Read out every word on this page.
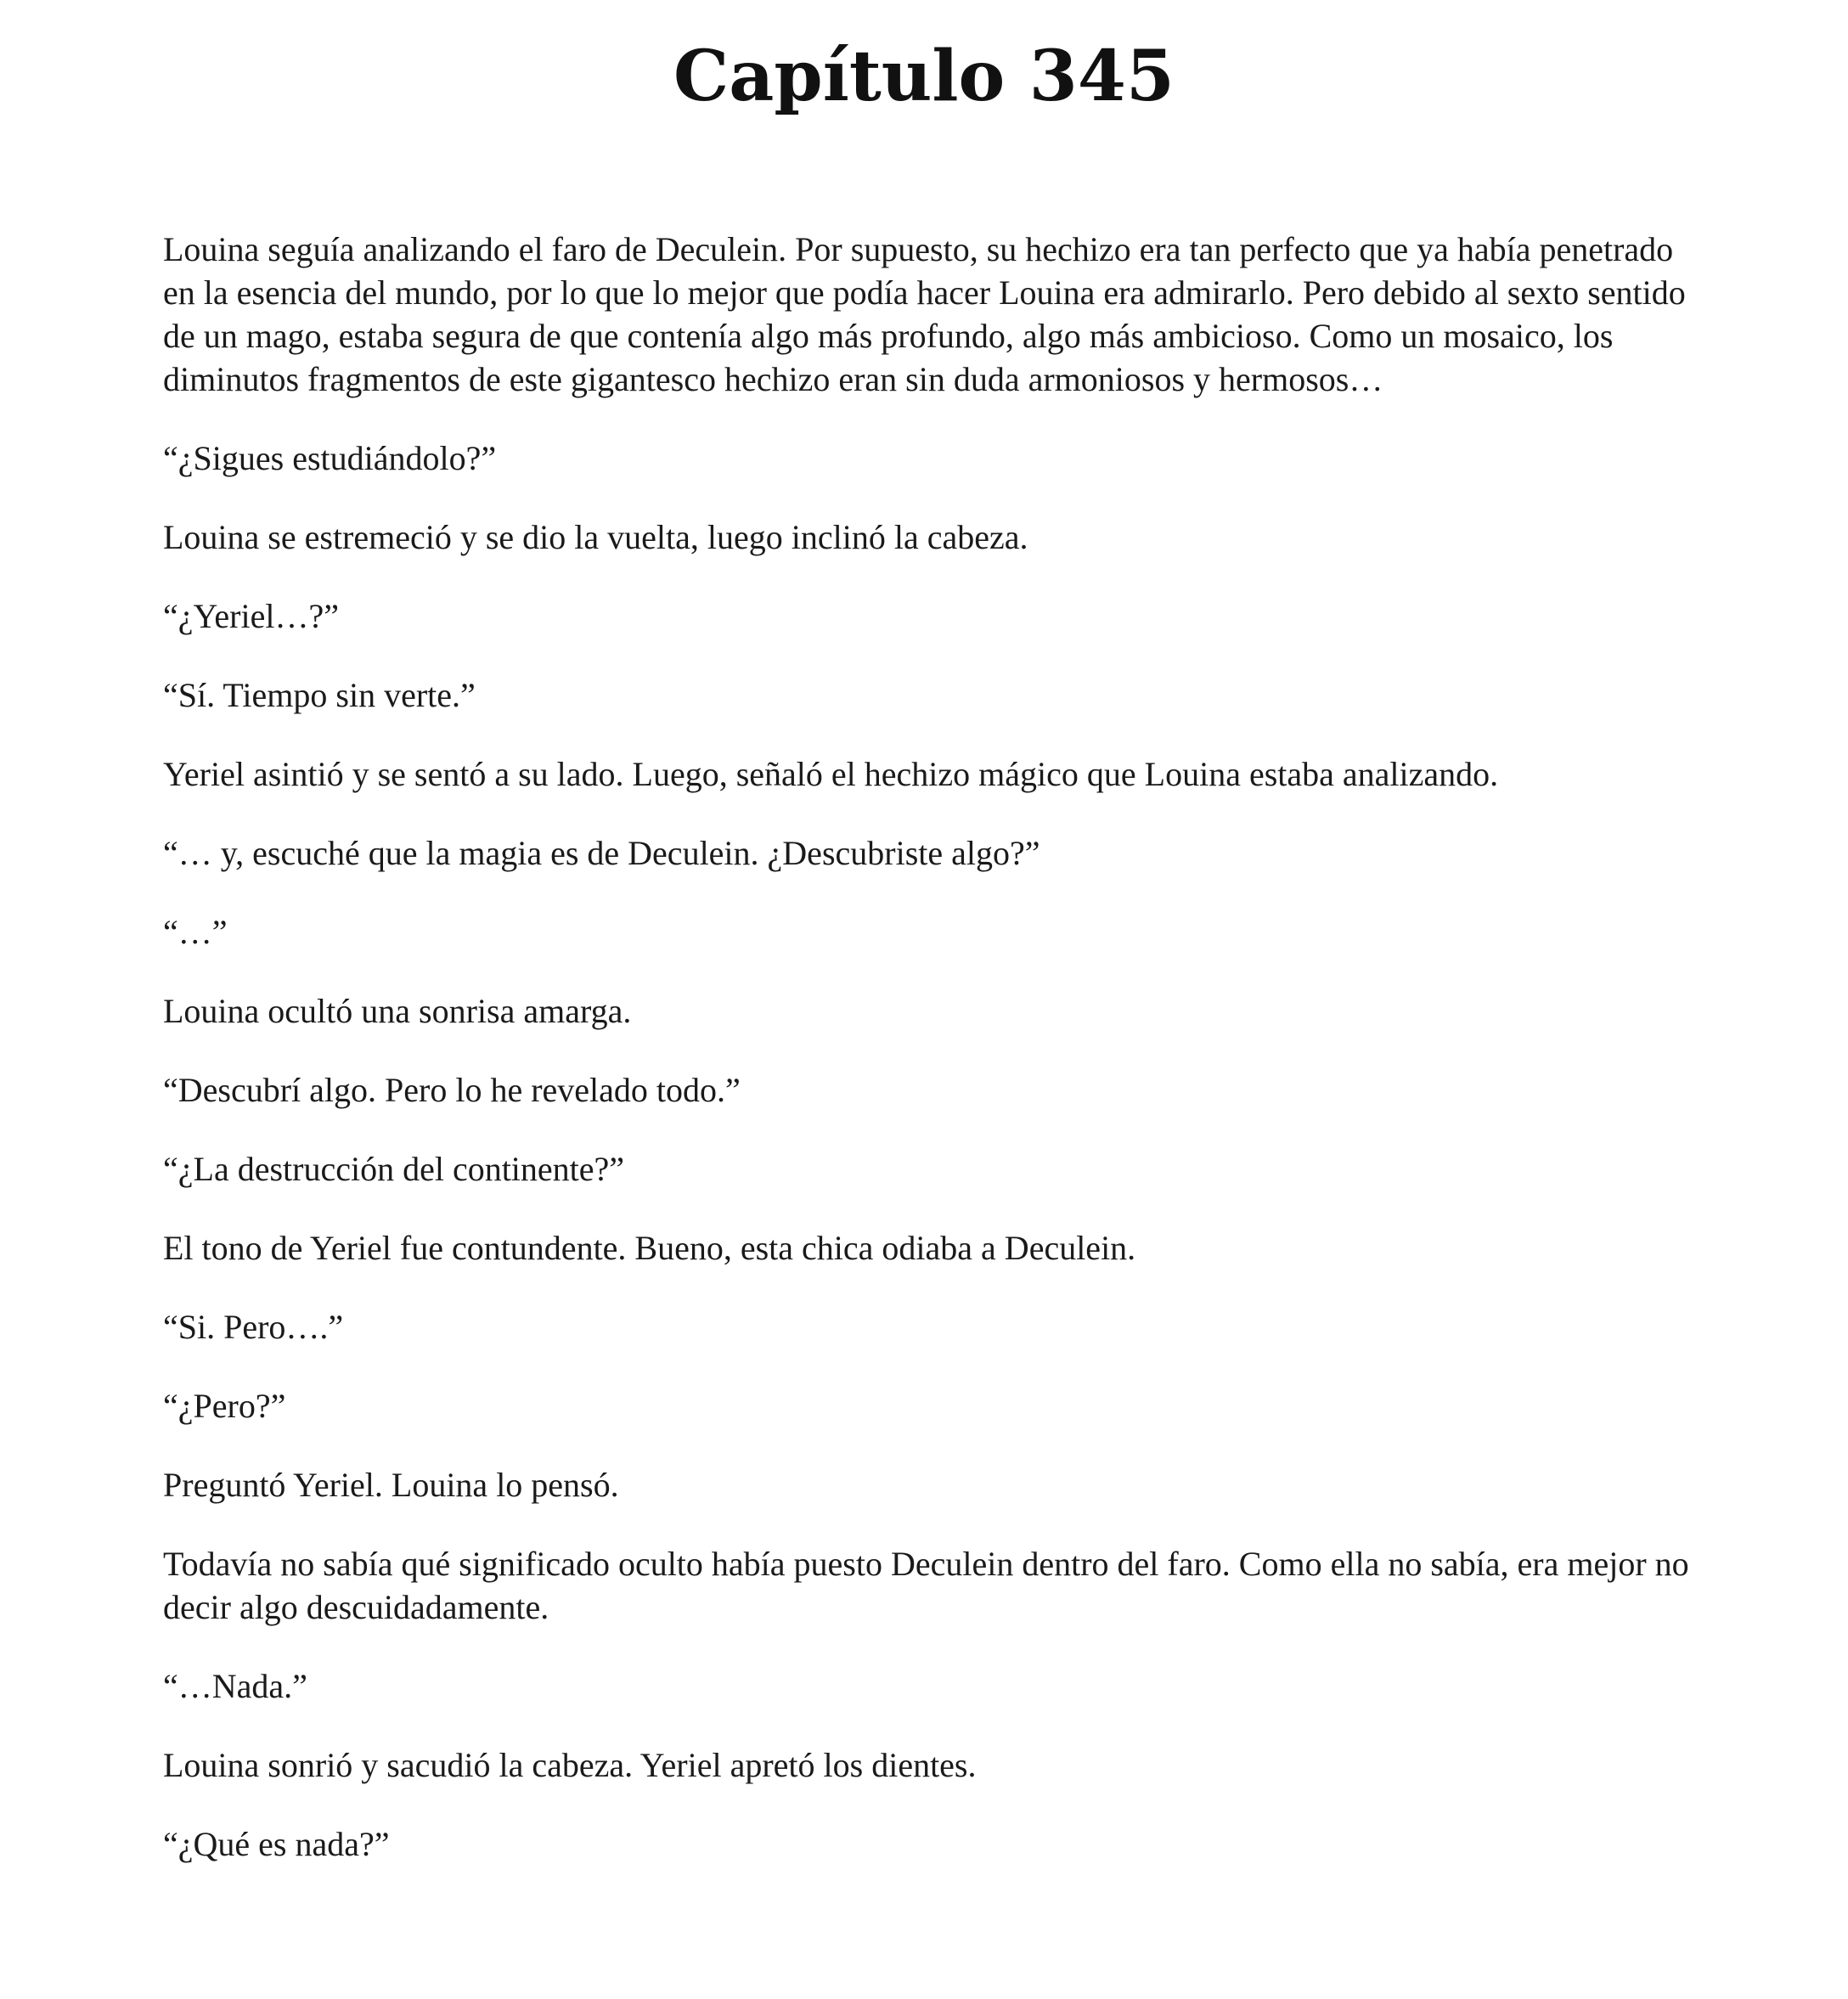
Capítulo 345

Louina seguía analizando el faro de Deculein. Por supuesto, su hechizo era tan perfecto que ya había penetrado en la esencia del mundo, por lo que lo mejor que podía hacer Louina era admirarlo. Pero debido al sexto sentido de un mago, estaba segura de que contenía algo más profundo, algo más ambicioso. Como un mosaico, los diminutos fragmentos de este gigantesco hechizo eran sin duda armoniosos y hermosos…

“¿Sigues estudiándolo?”

Louina se estremeció y se dio la vuelta, luego inclinó la cabeza.

“¿Yeriel…?”

“Sí. Tiempo sin verte.”

Yeriel asintió y se sentó a su lado. Luego, señaló el hechizo mágico que Louina estaba analizando.

“… y, escuché que la magia es de Deculein. ¿Descubriste algo?”

“…”

Louina ocultó una sonrisa amarga.

“Descubrí algo. Pero lo he revelado todo.”

“¿La destrucción del continente?”

El tono de Yeriel fue contundente. Bueno, esta chica odiaba a Deculein.

“Si. Pero….”

“¿Pero?”

Preguntó Yeriel. Louina lo pensó.

Todavía no sabía qué significado oculto había puesto Deculein dentro del faro. Como ella no sabía, era mejor no decir algo descuidadamente.

“…Nada.”

Louina sonrió y sacudió la cabeza. Yeriel apretó los dientes.

“¿Qué es nada?”
